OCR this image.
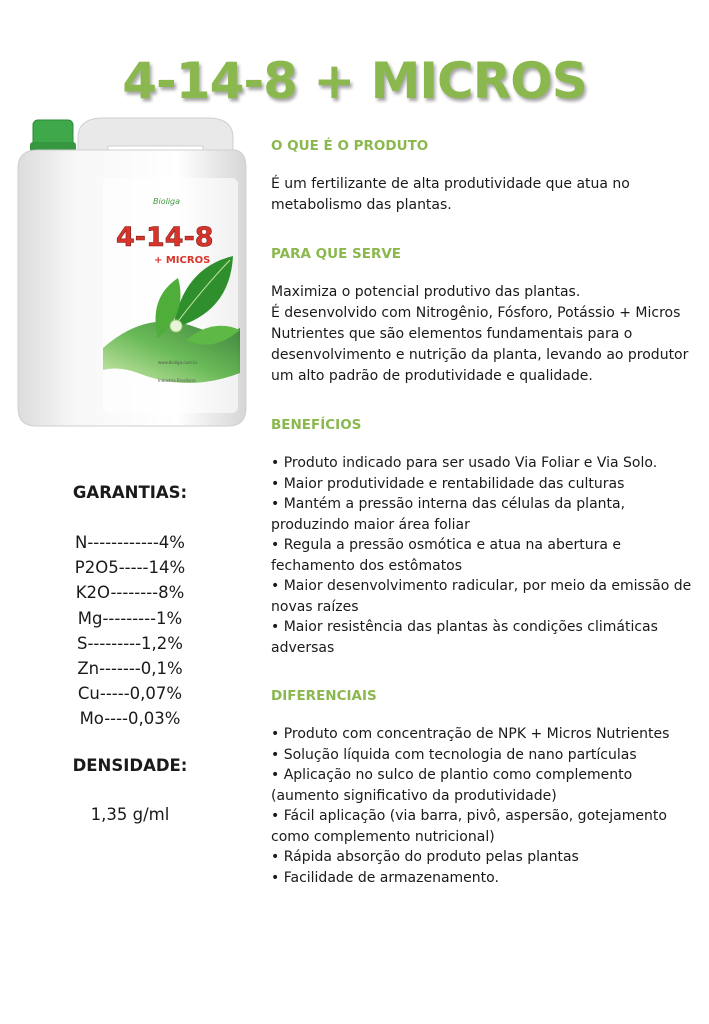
4-14-8 + MICROS
Bioliga
4-14-8
+ MICROS
www.bioliga.com.br
Indústria Brasileira

GARANTIAS:

N------------4%
P2O5-----14%
K2O--------8%
Mg---------1%
S---------1,2%
Zn-------0,1%
Cu-----0,07%
Mo----0,03%

DENSIDADE:

1,35 g/ml
O QUE É O PRODUTO

É um fertilizante de alta produtividade que atua no metabolismo das plantas.

PARA QUE SERVE

Maximiza o potencial produtivo das plantas.

É desenvolvido com Nitrogênio, Fósforo, Potássio + Micros Nutrientes que são elementos fundamentais para o desenvolvimento e nutrição da planta, levando ao produtor um alto padrão de produtividade e qualidade.

BENEFÍCIOS
• Produto indicado para ser usado Via Foliar e Via Solo.
• Maior produtividade e rentabilidade das culturas
• Mantém a pressão interna das células da planta, produzindo maior área foliar
• Regula a pressão osmótica e atua na abertura e fechamento dos estômatos
• Maior desenvolvimento radicular, por meio da emissão de novas raízes
• Maior resistência das plantas às condições climáticas adversas
DIFERENCIAIS
• Produto com concentração de NPK + Micros Nutrientes
• Solução líquida com tecnologia de nano partículas
• Aplicação no sulco de plantio como complemento (aumento significativo da produtividade)
• Fácil aplicação (via barra, pivô, aspersão, gotejamento como complemento nutricional)
• Rápida absorção do produto pelas plantas
• Facilidade de armazenamento.
